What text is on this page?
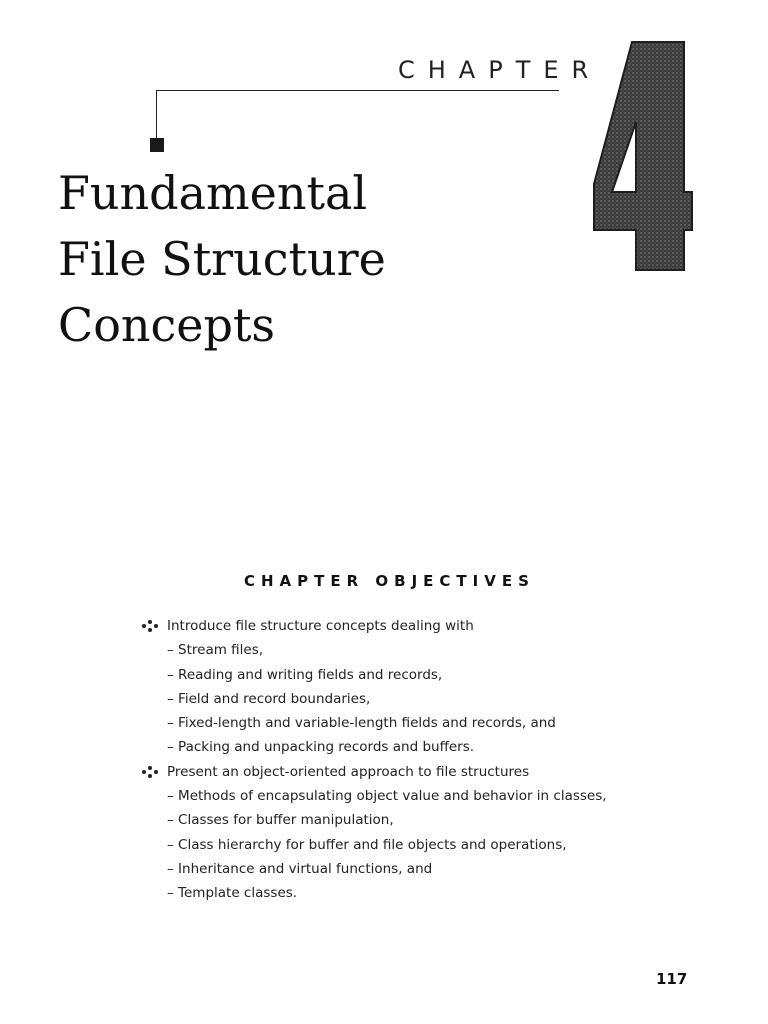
CHAPTER
Fundamental
File Structure
Concepts
CHAPTER OBJECTIVES
Introduce file structure concepts dealing with
– Stream files,
– Reading and writing fields and records,
– Field and record boundaries,
– Fixed-length and variable-length fields and records, and
– Packing and unpacking records and buffers.
Present an object-oriented approach to file structures
– Methods of encapsulating object value and behavior in classes,
– Classes for buffer manipulation,
– Class hierarchy for buffer and file objects and operations,
– Inheritance and virtual functions, and
– Template classes.
117
